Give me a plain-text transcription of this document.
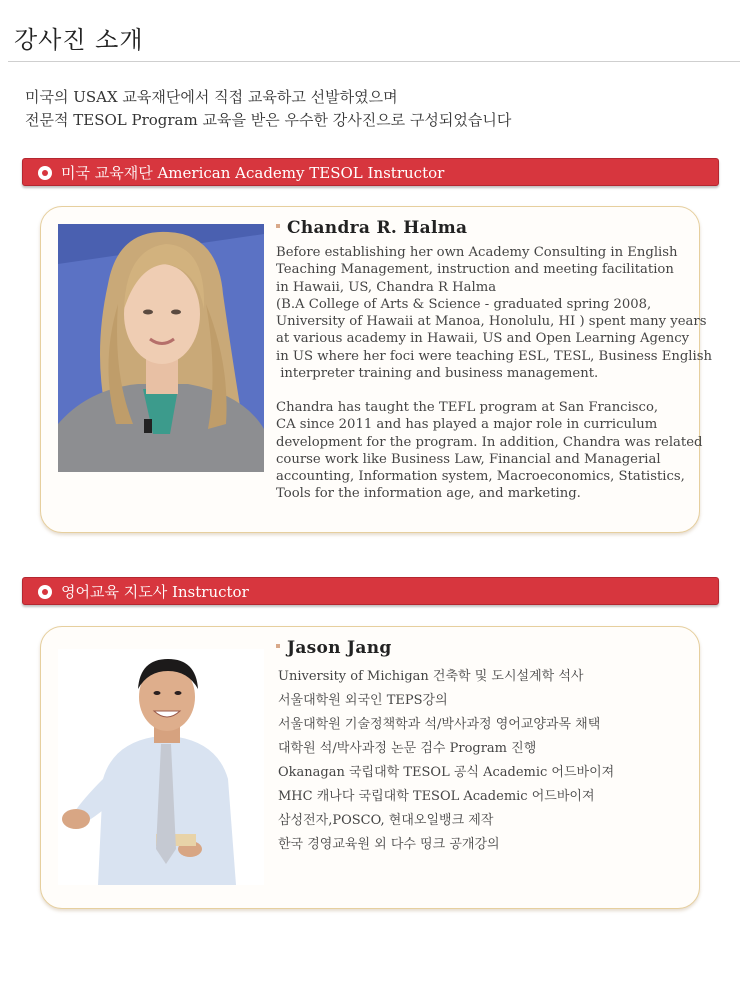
강사진 소개

미국의 USAX 교육재단에서 직접 교육하고 선발하였으며

전문적 TESOL Program 교육을 받은 우수한 강사진으로 구성되었습니다

미국 교육재단 American Academy TESOL Instructor
Chandra R. Halma
Before establishing her own Academy Consulting in English
Teaching Management, instruction and meeting facilitation
in Hawaii, US, Chandra R Halma
(B.A College of Arts & Science - graduated spring 2008,
University of Hawaii at Manoa, Honolulu, HI ) spent many years
at various academy in Hawaii, US and Open Learning Agency
in US where her foci were teaching ESL, TESL, Business English
interpreter training and business management.
Chandra has taught the TEFL program at San Francisco,
CA since 2011 and has played a major role in curriculum
development for the program. In addition, Chandra was related
course work like Business Law, Financial and Managerial
accounting, Information system, Macroeconomics, Statistics,
Tools for the information age, and marketing.
영어교육 지도사 Instructor
Jason Jang
University of Michigan 건축학 및 도시설계학 석사
서울대학원 외국인 TEPS강의
서울대학원 기술정책학과 석/박사과정 영어교양과목 채택
대학원 석/박사과정 논문 검수 Program 진행
Okanagan 국립대학 TESOL 공식 Academic 어드바이져
MHC 캐나다 국립대학 TESOL Academic 어드바이져
삼성전자,POSCO, 현대오일뱅크 제작
한국 경영교육원 외 다수 띵크 공개강의
